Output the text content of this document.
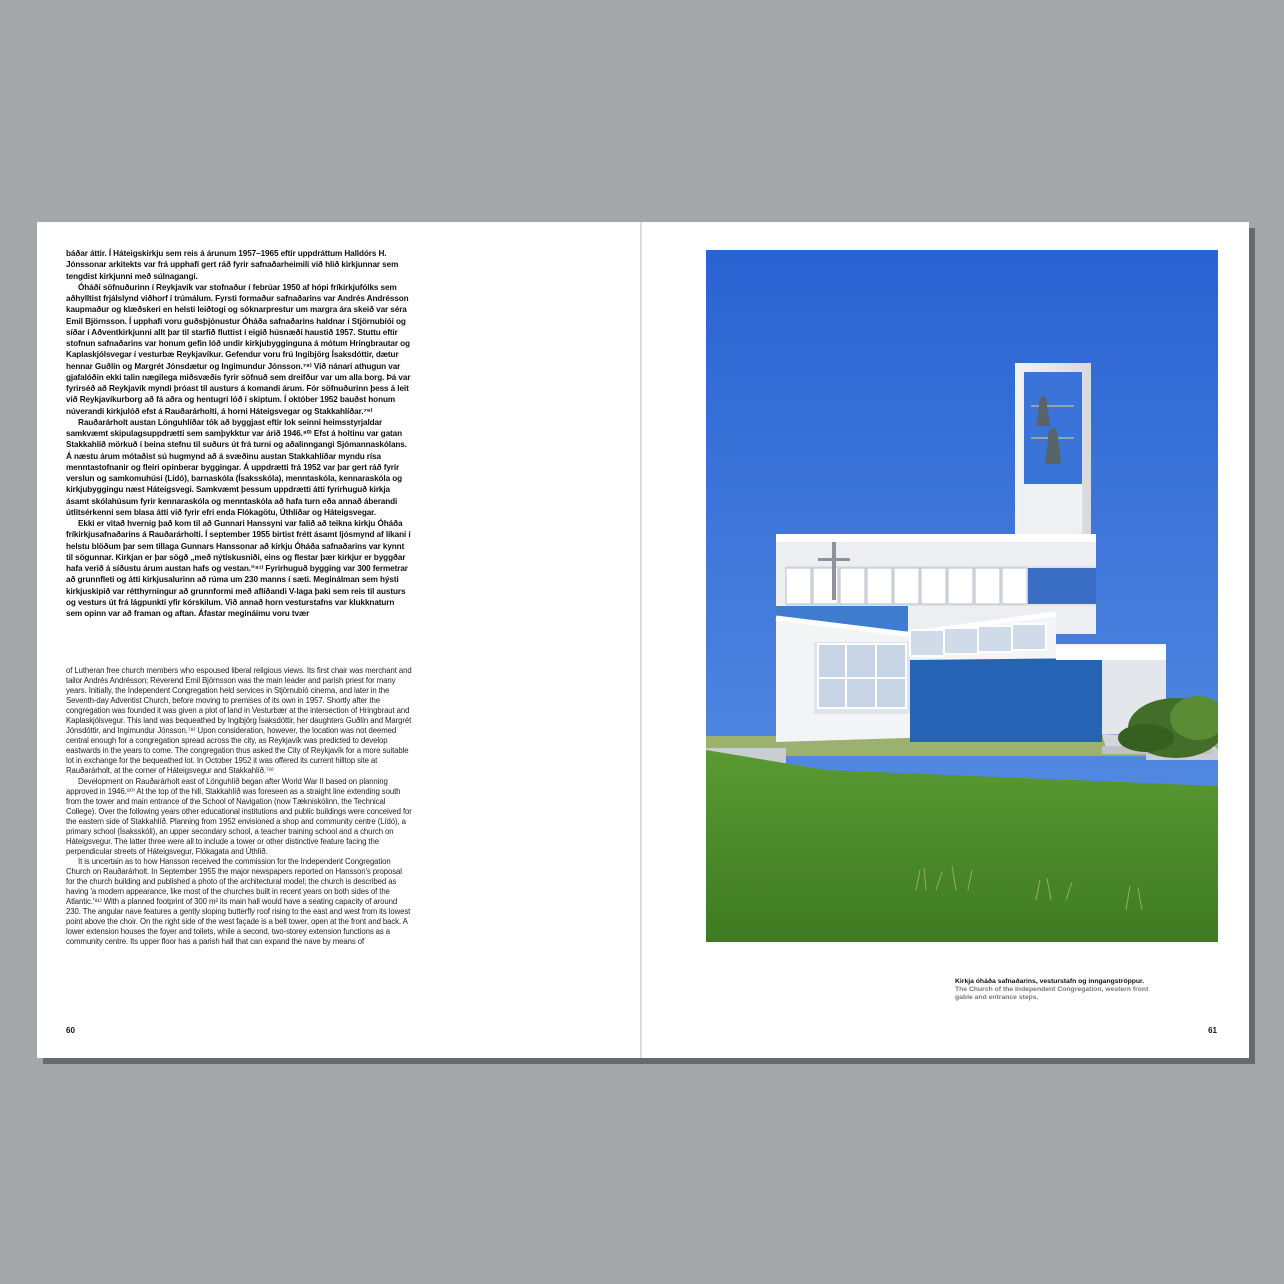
báðar áttir. Í Háteigskirkju sem reis á árunum 1957–1965 eftir uppdráttum Halldórs H. Jónssonar arkitekts var frá upphafi gert ráð fyrir safnaðarheimili við hlið kirkjunnar sem tengdist kirkjunni með súlnagangi.

Óháði söfnuðurinn í Reykjavík var stofnaður í febrúar 1950 af hópi fríkirkjufólks sem aðhylltist frjálslynd viðhorf í trúmálum. Fyrsti formaður safnaðarins var Andrés Andrésson kaupmaður og klæðskeri en helsti leiðtogi og sóknarprestur um margra ára skeið var séra Emil Björnsson. Í upphafi voru guðsþjónustur Óháða safnaðarins haldnar í Stjörnubíói og síðar í Aðventkirkjunni allt þar til starfið fluttist í eigið húsnæði haustið 1957. Stuttu eftir stofnun safnaðarins var honum gefin lóð undir kirkjubygginguna á mótum Hringbrautar og Kaplaskjólsvegar í vesturbæ Reykjavíkur. Gefendur voru frú Ingibjörg Ísaksdóttir, dætur hennar Guðlín og Margrét Jónsdætur og Ingimundur Jónsson.⁷⁸⁾ Við nánari athugun var gjafalóðin ekki talin nægilega miðsvæðis fyrir söfnuð sem dreifður var um alla borg. Þá var fyrirséð að Reykjavík myndi þróast til austurs á komandi árum. Fór söfnuðurinn þess á leit við Reykjavíkurborg að fá aðra og hentugri lóð í skiptum. Í október 1952 bauðst honum núverandi kirkjulóð efst á Rauðarárholti, á horni Háteigsvegar og Stakkahlíðar.⁷⁹⁾

Rauðarárholt austan Lönguhlíðar tók að byggjast eftir lok seinni heimsstyrjaldar samkvæmt skipulagsuppdrætti sem samþykktur var árið 1946.⁸⁰⁾ Efst á holtinu var gatan Stakkahlíð mörkuð í beina stefnu til suðurs út frá turni og aðalinngangi Sjómannaskólans. Á næstu árum mótaðist sú hugmynd að á svæðinu austan Stakkahlíðar myndu rísa menntastofnanir og fleiri opinberar byggingar. Á uppdrætti frá 1952 var þar gert ráð fyrir verslun og samkomuhúsi (Lídó), barnaskóla (Ísaksskóla), menntaskóla, kennaraskóla og kirkjubyggingu næst Háteigsvegi. Samkvæmt þessum uppdrætti átti fyrirhuguð kirkja ásamt skólahúsum fyrir kennaraskóla og menntaskóla að hafa turn eða annað áberandi útlitsérkenni sem blasa átti við fyrir efri enda Flókagötu, Úthlíðar og Háteigsvegar.

Ekki er vitað hvernig það kom til að Gunnari Hanssyni var falið að teikna kirkju Óháða fríkirkjusafnaðarins á Rauðarárholti. Í september 1955 birtist frétt ásamt ljósmynd af líkani í helstu blöðum þar sem tillaga Gunnars Hanssonar að kirkju Óháða safnaðarins var kynnt til sögunnar. Kirkjan er þar sögð „með nýtískusniði, eins og flestar þær kirkjur er byggðar hafa verið á síðustu árum austan hafs og vestan.“⁸¹⁾ Fyrirhuguð bygging var 300 fermetrar að grunnfleti og átti kirkjusalurinn að rúma um 230 manns í sæti. Meginálman sem hýsti kirkjuskipið var rétthyrningur að grunnformi með aflíðandi V-laga þaki sem reis til austurs og vesturs út frá lágpunkti yfir kórskilum. Við annað horn vesturstafns var klukknaturn sem opinn var að framan og aftan. Áfastar megináimu voru tvær

of Lutheran free church members who espoused liberal religious views. Its first chair was merchant and tailor Andrés Andrésson; Reverend Emil Björnsson was the main leader and parish priest for many years. Initially, the Independent Congregation held services in Stjörnubíó cinema, and later in the Seventh-day Adventist Church, before moving to premises of its own in 1957. Shortly after the congregation was founded it was given a plot of land in Vesturbær at the intersection of Hringbraut and Kaplaskjólsvegur. This land was bequeathed by Ingibjörg Ísaksdóttir, her daughters Guðlín and Margrét Jónsdóttir, and Ingimundur Jónsson.⁷⁸⁾ Upon consideration, however, the location was not deemed central enough for a congregation spread across the city, as Reykjavík was predicted to develop eastwards in the years to come. The congregation thus asked the City of Reykjavík for a more suitable lot in exchange for the bequeathed lot. In October 1952 it was offered its current hilltop site at Rauðarárholt, at the corner of Háteigsvegur and Stakkahlíð.⁷⁹⁾

Development on Rauðarárholt east of Lönguhlíð began after World War II based on planning approved in 1946.⁸⁰⁾ At the top of the hill, Stakkahlíð was foreseen as a straight line extending south from the tower and main entrance of the School of Navigation (now Tækniskólinn, the Technical College). Over the following years other educational institutions and public buildings were conceived for the eastern side of Stakkahlíð. Planning from 1952 envisioned a shop and community centre (Lídó), a primary school (Ísaksskóli), an upper secondary school, a teacher training school and a church on Háteigsvegur. The latter three were all to include a tower or other distinctive feature facing the perpendicular streets of Háteigsvegur, Flókagata and Úthlíð.

It is uncertain as to how Hansson received the commission for the Independent Congregation Church on Rauðarárholt. In September 1955 the major newspapers reported on Hansson's proposal for the church building and published a photo of the architectural model; the church is described as having 'a modern appearance, like most of the churches built in recent years on both sides of the Atlantic.'⁸¹⁾ With a planned footprint of 300 m² its main hall would have a seating capacity of around 230. The angular nave features a gently sloping butterfly roof rising to the east and west from its lowest point above the choir. On the right side of the west façade is a bell tower, open at the front and back. A lower extension houses the foyer and toilets, while a second, two-storey extension functions as a community centre. Its upper floor has a parish hall that can expand the nave by means of

60
Kirkja óháða safnaðarins, vesturstafn og inngangströppur.
The Church of the Independent Congregation, western front gable and entrance steps.
61
